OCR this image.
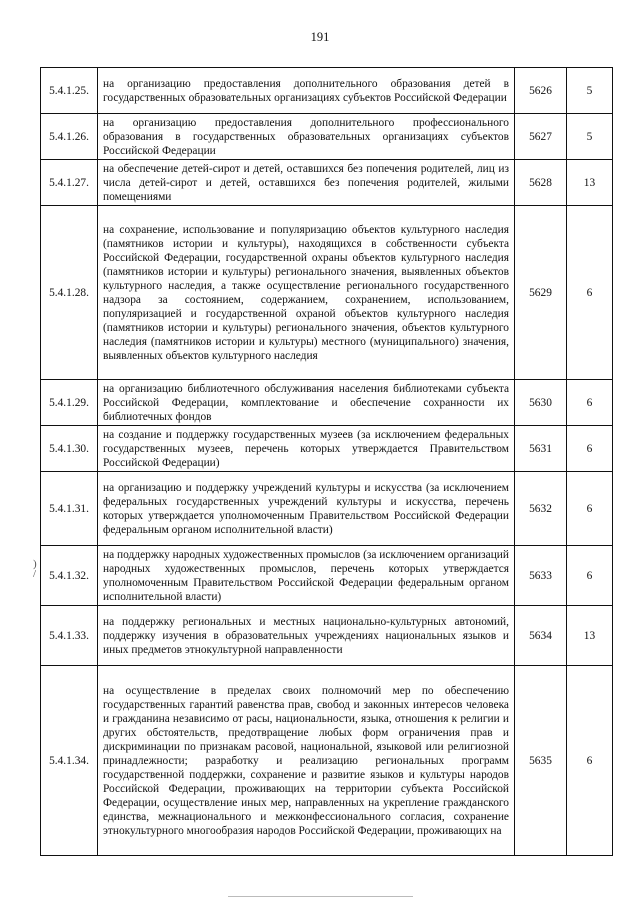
191
5.4.1.25.	на организацию предоставления дополнительного образования детей в государственных образовательных организациях субъектов Российской Федерации	5626	5
5.4.1.26.	на организацию предоставления дополнительного профессионального образования в государственных образовательных организациях субъектов Российской Федерации	5627	5
5.4.1.27.	на обеспечение детей-сирот и детей, оставшихся без попечения родителей, лиц из числа детей-сирот и детей, оставшихся без попечения родителей, жилыми помещениями	5628	13
5.4.1.28.	на сохранение, использование и популяризацию объектов культурного наследия (памятников истории и культуры), находящихся в собственности субъекта Российской Федерации, государственной охраны объектов культурного наследия (памятников истории и культуры) регионального значения, выявленных объектов культурного наследия, а также осуществление регионального государственного надзора за состоянием, содержанием, сохранением, использованием, популяризацией и государственной охраной объектов культурного наследия (памятников истории и культуры) регионального значения, объектов культурного наследия (памятников истории и культуры) местного (муниципального) значения, выявленных объектов культурного наследия	5629	6
5.4.1.29.	на организацию библиотечного обслуживания населения библиотеками субъекта Российской Федерации, комплектование и обеспечение сохранности их библиотечных фондов	5630	6
5.4.1.30.	на создание и поддержку государственных музеев (за исключением федеральных государственных музеев, перечень которых утверждается Правительством Российской Федерации)	5631	6
5.4.1.31.	на организацию и поддержку учреждений культуры и искусства (за исключением федеральных государственных учреждений культуры и искусства, перечень которых утверждается уполномоченным Правительством Российской Федерации федеральным органом исполнительной власти)	5632	6
5.4.1.32.	на поддержку народных художественных промыслов (за исключением организаций народных художественных промыслов, перечень которых утверждается уполномоченным Правительством Российской Федерации федеральным органом исполнительной власти)	5633	6
5.4.1.33.	на поддержку региональных и местных национально-культурных автономий, поддержку изучения в образовательных учреждениях национальных языков и иных предметов этнокультурной направленности	5634	13
5.4.1.34.	на осуществление в пределах своих полномочий мер по обеспечению государственных гарантий равенства прав, свобод и законных интересов человека и гражданина независимо от расы, национальности, языка, отношения к религии и других обстоятельств, предотвращение любых форм ограничения прав и дискриминации по признакам расовой, национальной, языковой или религиозной принадлежности; разработку и реализацию региональных программ государственной поддержки, сохранение и развитие языков и культуры народов Российской Федерации, проживающих на территории субъекта Российской Федерации, осуществление иных мер, направленных на укрепление гражданского единства, межнационального и межконфессионального согласия, сохранение этнокультурного многообразия народов Российской Федерации, проживающих на	5635	6
)
/
